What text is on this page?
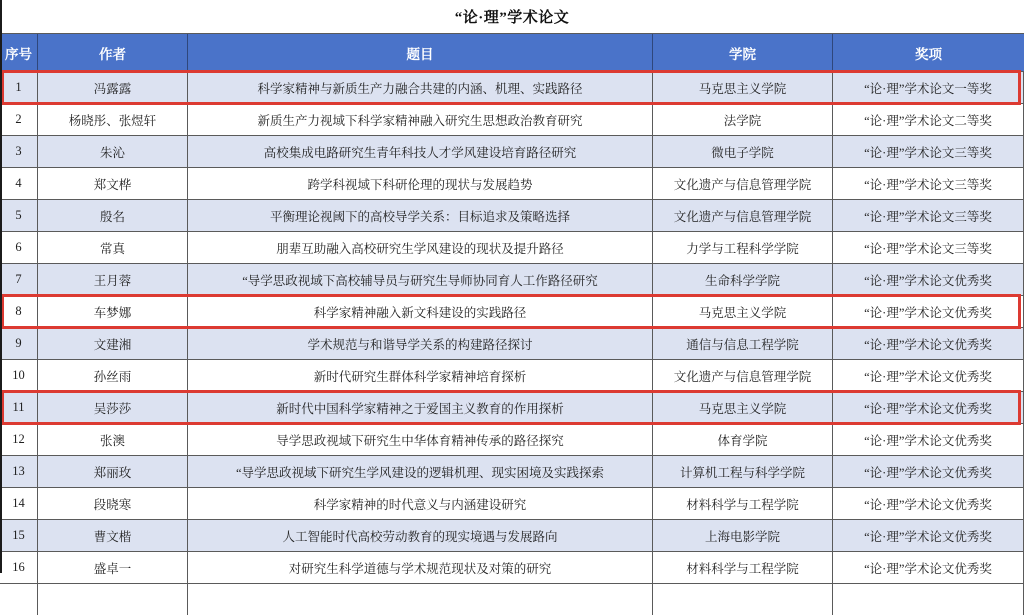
“论·理”学术论文
序号	作者	题目	学院	奖项
1	冯露露	科学家精神与新质生产力融合共建的内涵、机理、实践路径	马克思主义学院	“论·理”学术论文一等奖
2	杨晓彤、张煜轩	新质生产力视域下科学家精神融入研究生思想政治教育研究	法学院	“论·理”学术论文二等奖
3	朱沁	高校集成电路研究生青年科技人才学风建设培育路径研究	微电子学院	“论·理”学术论文三等奖
4	郑文桦	跨学科视域下科研伦理的现状与发展趋势	文化遗产与信息管理学院	“论·理”学术论文三等奖
5	殷名	平衡理论视阈下的高校导学关系：目标追求及策略选择	文化遗产与信息管理学院	“论·理”学术论文三等奖
6	常真	朋辈互助融入高校研究生学风建设的现状及提升路径	力学与工程科学学院	“论·理”学术论文三等奖
7	王月蓉	“导学思政视域下高校辅导员与研究生导师协同育人工作路径研究	生命科学学院	“论·理”学术论文优秀奖
8	车梦娜	科学家精神融入新文科建设的实践路径	马克思主义学院	“论·理”学术论文优秀奖
9	文建湘	学术规范与和谐导学关系的构建路径探讨	通信与信息工程学院	“论·理”学术论文优秀奖
10	孙丝雨	新时代研究生群体科学家精神培育探析	文化遗产与信息管理学院	“论·理”学术论文优秀奖
11	吴莎莎	新时代中国科学家精神之于爱国主义教育的作用探析	马克思主义学院	“论·理”学术论文优秀奖
12	张澳	导学思政视域下研究生中华体育精神传承的路径探究	体育学院	“论·理”学术论文优秀奖
13	郑丽玫	“导学思政视域下研究生学风建设的逻辑机理、现实困境及实践探索	计算机工程与科学学院	“论·理”学术论文优秀奖
14	段晓寒	科学家精神的时代意义与内涵建设研究	材料科学与工程学院	“论·理”学术论文优秀奖
15	曹文楷	人工智能时代高校劳动教育的现实境遇与发展路向	上海电影学院	“论·理”学术论文优秀奖
16	盛卓一	对研究生科学道德与学术规范现状及对策的研究	材料科学与工程学院	“论·理”学术论文优秀奖
